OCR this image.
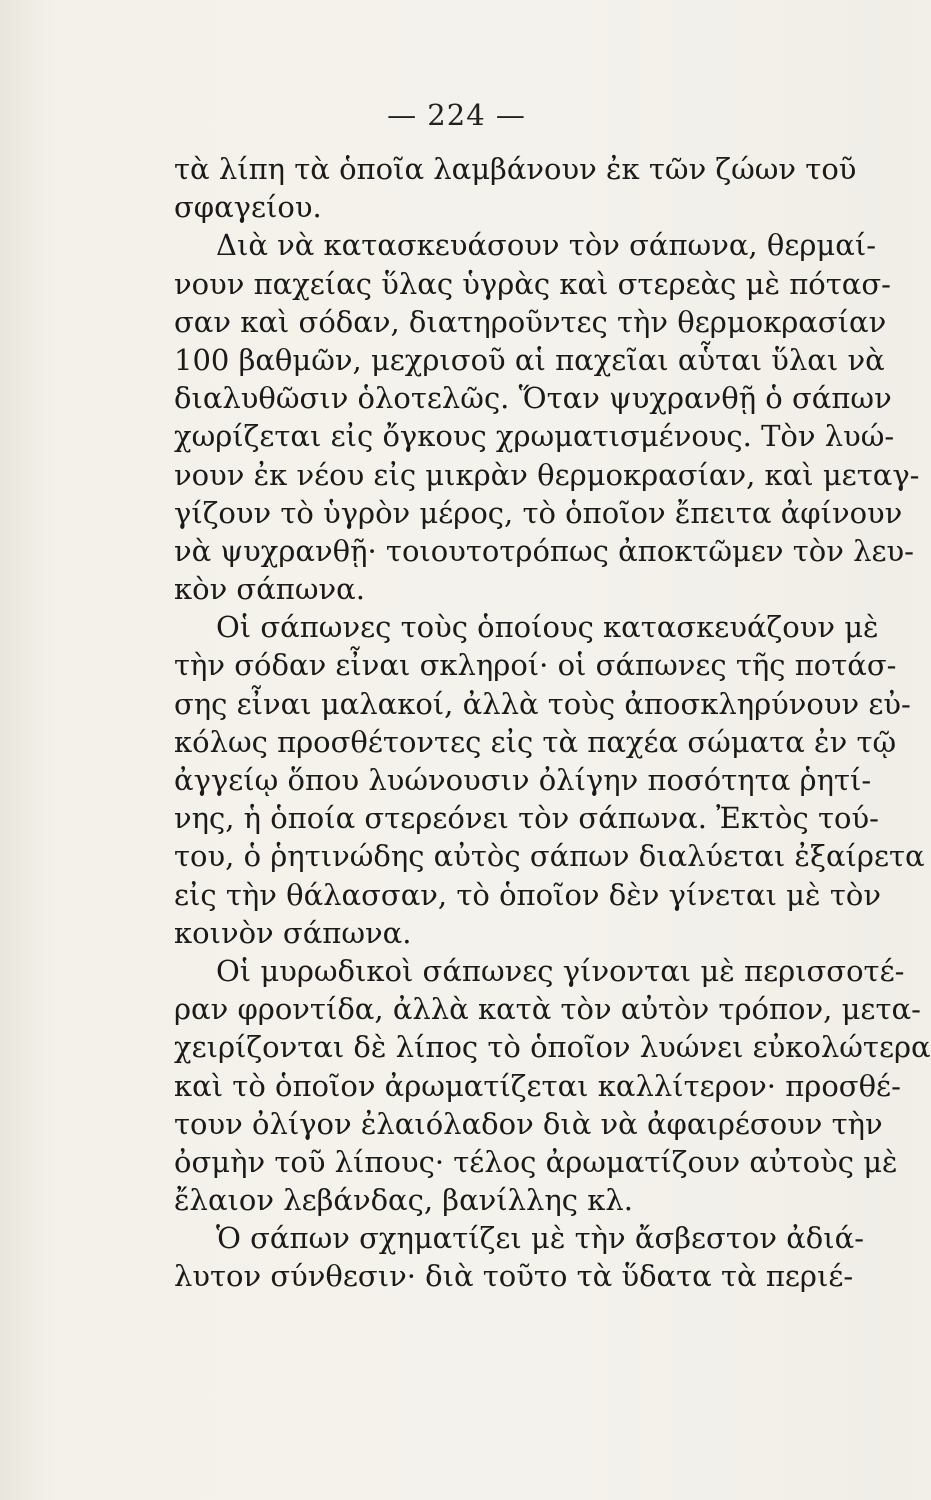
— 224 —
τὰ λίπη τὰ ὁποῖα λαμβάνουν ἐκ τῶν ζώων τοῦ
σφαγείου.
Διὰ νὰ κατασκευάσουν τὸν σάπωνα, θερμαί-
νουν παχείας ὕλας ὑγρὰς καὶ στερεὰς μὲ πότασ-
σαν καὶ σόδαν, διατηροῦντες τὴν θερμοκρασίαν
100 βαθμῶν, μεχρισοῦ αἱ παχεῖαι αὗται ὕλαι νὰ
διαλυθῶσιν ὁλοτελῶς. Ὅταν ψυχρανθῇ ὁ σάπων
χωρίζεται εἰς ὄγκους χρωματισμένους. Τὸν λυώ-
νουν ἐκ νέου εἰς μικρὰν θερμοκρασίαν, καὶ μεταγ-
γίζουν τὸ ὑγρὸν μέρος, τὸ ὁποῖον ἔπειτα ἀφίνουν
νὰ ψυχρανθῇ· τοιουτοτρόπως ἀποκτῶμεν τὸν λευ-
κὸν σάπωνα.
Οἱ σάπωνες τοὺς ὁποίους κατασκευάζουν μὲ
τὴν σόδαν εἶναι σκληροί· οἱ σάπωνες τῆς ποτάσ-
σης εἶναι μαλακοί, ἀλλὰ τοὺς ἀποσκληρύνουν εὐ-
κόλως προσθέτοντες εἰς τὰ παχέα σώματα ἐν τῷ
ἀγγείῳ ὅπου λυώνουσιν ὀλίγην ποσότητα ῥητί-
νης, ἡ ὁποία στερεόνει τὸν σάπωνα. Ἐκτὸς τού-
του, ὁ ῥητινώδης αὐτὸς σάπων διαλύεται ἐξαίρετα
εἰς τὴν θάλασσαν, τὸ ὁποῖον δὲν γίνεται μὲ τὸν
κοινὸν σάπωνα.
Οἱ μυρωδικοὶ σάπωνες γίνονται μὲ περισσοτέ-
ραν φροντίδα, ἀλλὰ κατὰ τὸν αὐτὸν τρόπον, μετα-
χειρίζονται δὲ λίπος τὸ ὁποῖον λυώνει εὐκολώτερα
καὶ τὸ ὁποῖον ἀρωματίζεται καλλίτερον· προσθέ-
τουν ὀλίγον ἐλαιόλαδον διὰ νὰ ἀφαιρέσουν τὴν
ὀσμὴν τοῦ λίπους· τέλος ἀρωματίζουν αὐτοὺς μὲ
ἔλαιον λεβάνδας, βανίλλης κλ.
Ὁ σάπων σχηματίζει μὲ τὴν ἄσβεστον ἀδιά-
λυτον σύνθεσιν· διὰ τοῦτο τὰ ὕδατα τὰ περιέ-
